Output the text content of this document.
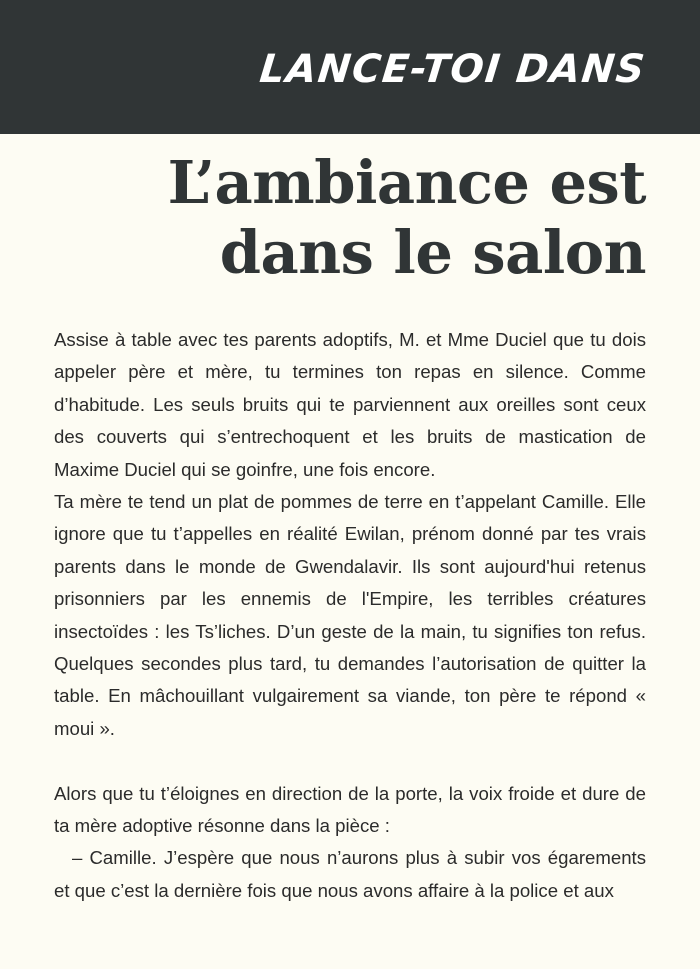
LANCE-TOI DANS
L’ambiance est
dans le salon

Assise à table avec tes parents adoptifs, M. et Mme Duciel que tu dois appeler père et mère, tu termines ton repas en silence. Comme d’habitude. Les seuls bruits qui te parviennent aux oreilles sont ceux des couverts qui s’entrechoquent et les bruits de mastication de Maxime Duciel qui se goinfre, une fois encore.

Ta mère te tend un plat de pommes de terre en t’appelant Camille. Elle ignore que tu t’appelles en réalité Ewilan, prénom donné par tes vrais parents dans le monde de Gwendalavir. Ils sont aujourd'hui retenus prisonniers par les ennemis de l'Empire, les terribles créatures insectoïdes : les Ts’liches. D’un geste de la main, tu signifies ton refus. Quelques secondes plus tard, tu demandes l’autorisation de quitter la table. En mâchouillant vulgairement sa viande, ton père te répond « moui ».

Alors que tu t’éloignes en direction de la porte, la voix froide et dure de ta mère adoptive résonne dans la pièce :

– Camille. J’espère que nous n’aurons plus à subir vos égarements et que c’est la dernière fois que nous avons affaire à la police et aux
